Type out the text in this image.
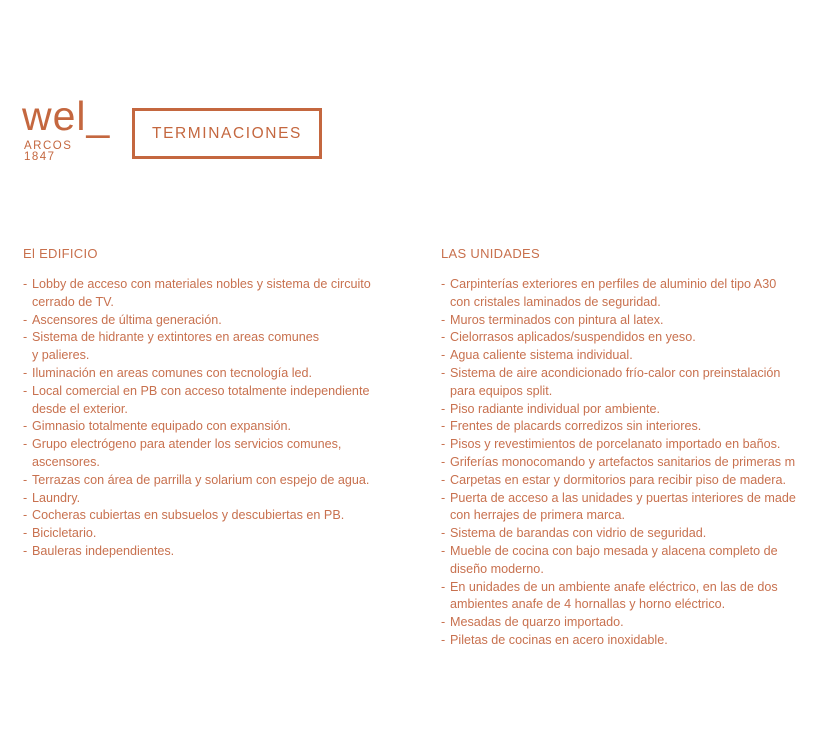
wel_
ARCOS
1847
TERMINACIONES
El EDIFICIO
- Lobby de acceso con materiales nobles y sistema de circuito
cerrado de TV.
- Ascensores de última generación.
- Sistema de hidrante y extintores en areas comunes
y palieres.
- Iluminación en areas comunes con tecnología led.
- Local comercial en PB con acceso totalmente independiente
desde el exterior.
- Gimnasio totalmente equipado con expansión.
- Grupo electrógeno para atender los servicios comunes,
ascensores.
- Terrazas con área de parrilla y solarium con espejo de agua.
- Laundry.
- Cocheras cubiertas en subsuelos y descubiertas en PB.
- Bicicletario.
- Bauleras independientes.
LAS UNIDADES
- Carpinterías exteriores en perfiles de aluminio del tipo A30
con cristales laminados de seguridad.
- Muros terminados con pintura al latex.
- Cielorrasos aplicados/suspendidos en yeso.
- Agua caliente sistema individual.
- Sistema de aire acondicionado frío-calor con preinstalación
para equipos split.
- Piso radiante individual por ambiente.
- Frentes de placards corredizos sin interiores.
- Pisos y revestimientos de porcelanato importado en baños.
- Griferías monocomando y artefactos sanitarios de primeras m
- Carpetas en estar y dormitorios para recibir piso de madera.
- Puerta de acceso a las unidades y puertas interiores de made
con herrajes de primera marca.
- Sistema de barandas con vidrio de seguridad.
- Mueble de cocina con bajo mesada y alacena completo de
diseño moderno.
- En unidades de un ambiente anafe eléctrico, en las de dos
ambientes anafe de 4 hornallas y horno eléctrico.
- Mesadas de quarzo importado.
- Piletas de cocinas en acero inoxidable.
